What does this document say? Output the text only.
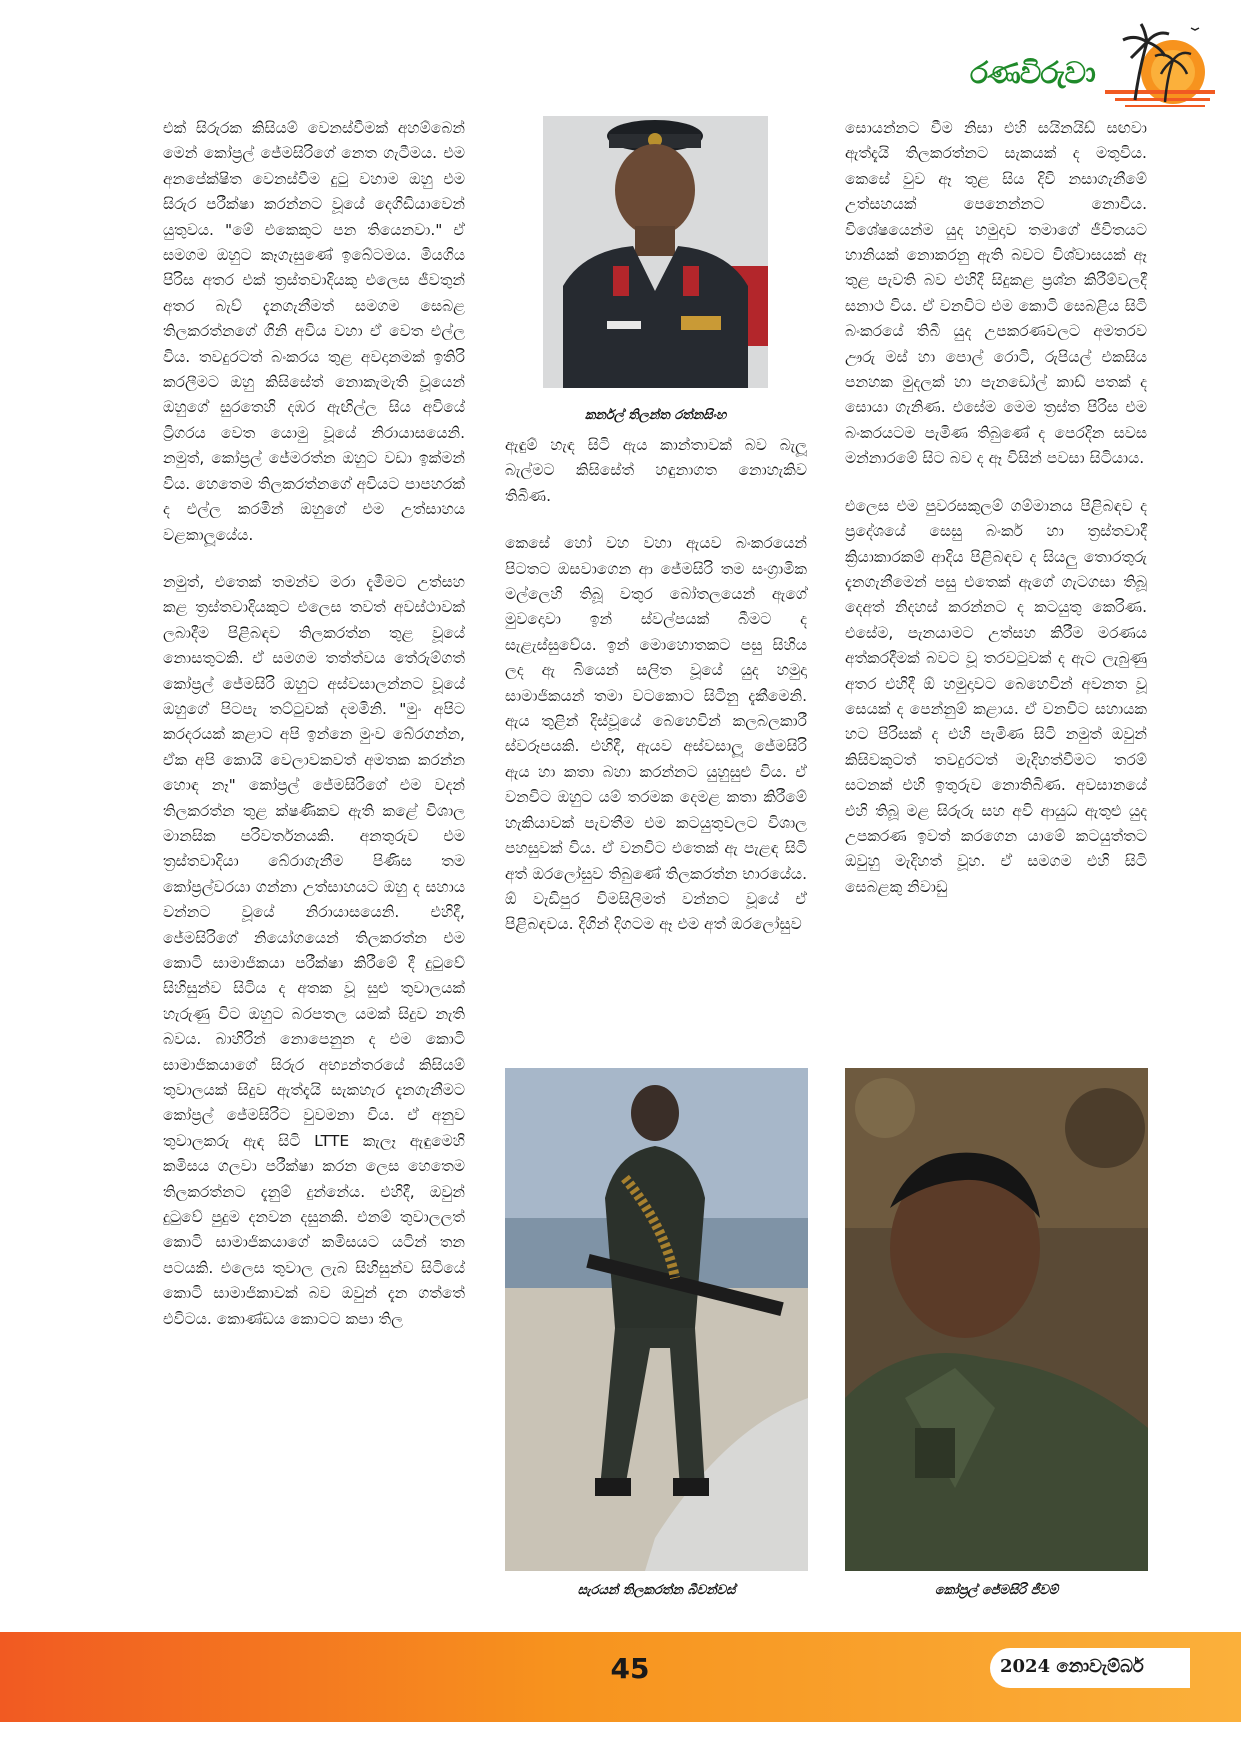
රණවිරුවා

එක් සිරුරක කිසියම් වෙනස්වීමක් අහම්බෙන් මෙන් කෝප්‍රල් ජේමසිරිගේ නෙත ගැටීමය. එම අනපේක්ෂිත වෙනස්වීම දුටු වහාම ඔහු එම සිරුර පරීක්ෂා කරන්නට වූයේ දෙගිඩියාවෙන් යුතුවය. "මේ එකෙකුට පන තියෙනවා." ඒ සමගම ඔහුට කෑගැසුණේ ඉබේටමය. මියගිය පිරිස අතර එක් ත්‍රස්තවාදියකු එලෙස ජීවතුන් අතර බැව් දැනගැනීමත් සමගම සෙබළ තිලකරත්නගේ ගිනි අවිය වහා ඒ වෙත එල්ල විය. තවදුරටත් බංකරය තුළ අවදානමක් ඉතිරි කරලීමට ඔහු කිසිසේත් නොකැමැති වූයෙන් ඔහුගේ සුරතෙහි දඹර ඇඟිල්ල සිය අවියේ ට්‍රිගරය වෙත යොමු වූයේ නිරායාසයෙනි. නමුත්, කෝප්‍රල් ජේමරත්න ඔහුට වඩා ඉක්මන් විය. හෙතෙම තිලකරත්නගේ අවියට පාපහරක් ද එල්ල කරමින් ඔහුගේ එම උත්සාහය වළකාලූයේය.

නමුත්, එතෙක් තමන්ව මරා දැමීමට උත්සහ කළ ත්‍රස්තවාදියකුට එලෙස තවත් අවස්ථාවක් ලබාදීම පිළිබඳව තිලකරත්න තුළ වූයේ නොසතුටකි. ඒ සමගම තත්ත්වය තේරුම්ගත් කෝප්‍රල් ජේමසිරි ඔහුට අස්වසාලන්නට වූයේ ඔහුගේ පිටපැ තට්ටුවක් දමමිනි. "මුං අපිට කරදරයක් කළාට අපි ඉන්නෙ මුංව බේරගන්න, ඒක අපි කොයි වෙලාවකවත් අමතක කරන්න හොඳ නෑ" කෝප්‍රල් ජේමසිරිගේ එම වදන් තිලකරත්න තුළ ක්ෂණිකව ඇති කළේ විශාල මානසික පරිවර්තනයකි. අනතුරුව එම ත්‍රස්තවාදියා බේරාගැනීම පිණිස තම කෝප්‍රල්වරයා ගන්නා උත්සාහයට ඔහු ද සහාය වන්නට වූයේ නිරායාසයෙනි. එහිදී, ජේමසිරිගේ නියෝගයෙන් තිලකරත්න එම කොටි සාමාජිකයා පරීක්ෂා කිරීමේ දී දුටුවේ සිහිසුන්ව සිටිය ද අතක වූ සුළු තුවාලයක් හැරුණු විට ඔහුට බරපතල යමක් සිදුව නැති බවය. බාහිරින් නොපෙනුන ද එම කොටි සාමාජිකයාගේ සිරුර අභ්‍යන්තරයේ කිසියම් තුවාලයක් සිදුව ඇත්දැයි සැකහැර දැනගැනීමට කෝප්‍රල් ජේමසිරිට වුවමනා විය. ඒ අනුව තුවාලකරු ඇඳ සිටි LTTE කැලෑ ඇඳුමෙහි කමිසය ගලවා පරීක්ෂා කරන ලෙස හෙතෙම තිලකරත්නට දැනුම් දුන්නේය. එහිදී, ඔවුන් දුටුවේ පුදුම දනවන දසුනකි. එනම් තුවාලලත් කොටි සාමාජිකයාගේ කමිසයට යටින් තන පටයකි. එලෙස තුවාල ලැබ සිහිසුන්ව සිටියේ කොටි සාමාජිකාවක් බව ඔවුන් දැන ගත්තේ එවිටය. කොණ්ඩය කොටට කපා තිල

කර්නල් තිලන්ත රත්නසිංහ

ඇඳුම් හැඳ සිටි ඇය කාන්තාවක් බව බැලූ බැල්මට කිසිසේත් හඳුනාගත නොහැකිව තිබිණ.

කෙසේ හෝ වහ වහා ඇයව බංකරයෙන් පිටතට ඔසවාගෙන ආ ජේමසිරි තම සංග්‍රාමික මල්ලෙහි තිබූ වතුර බෝතලයෙන් ඇගේ මුවදොවා ඉන් ස්වල්පයක් බීමට ද සැළැස්සුවේය. ඉන් මොහොතකට පසු සිහිය ලද ඇ බියෙන් සලිත වූයේ යුද හමුදා සාමාජිකයන් තමා වටකොට සිටිනු දැකීමෙනි. ඇය තුළින් දිස්වූයේ බෙහෙවින් කලබලකාරී ස්වරූපයකි. එහිදී, ඇයව අස්වසාලූ ජේමසිරි ඇය හා කතා බහා කරන්නට යුහුසුළු විය. ඒ වනවිට ඔහුට යම් තරමක දෙමළ කතා කිරීමේ හැකියාවක් පැවතීම එම කටයුතුවලට විශාල පහසුවක් විය. ඒ වනවිට එතෙක් ඇ පැළඳ සිටි අත් ඔරලෝසුව තිබුණේ තිලකරත්න භාරයේය. ඕ වැඩිපුර විමසිලිමත් වන්නට වූයේ ඒ පිළිබඳවය. දිගින් දිගටම ඈ එම අත් ඔරලෝසුව

සොයන්නට වීම නිසා එහි සයිනයිඩ් සඟවා ඇත්දැයි තිලකරත්නට සැකයක් ද මතුවිය. කෙසේ වුව ඈ තුළ සිය දිවි නසාගැනීමේ උත්සහයක් පෙනෙන්නට නොවීය. විශේෂයෙන්ම යුද හමුදාව තමාගේ ජීවිතයට හානියක් නොකරනු ඇති බවට විශ්වාසයක් ඈ තුළ පැවති බව එහිදී සිදුකළ ප්‍රශ්න කිරීම්වලදී සනාථ විය. ඒ වනවිට එම කොටි සෙබළිය සිටි බංකරයේ තිබී යුද උපකරණවලට අමතරව ඌරු මස් හා පොල් රොටි, රුපියල් එකසිය පනහක මුදලක් හා පැනඩෝල් කාඩ් පතක් ද සොයා ගැනිණ. එසේම මෙම ත්‍රස්ත පිරිස එම බංකරයටම පැමිණ තිබුණේ ද පෙරදින සවස මන්නාරමේ සිට බව ද ඈ විසින් පවසා සිටියාය.

එලෙස එම පුවරසකුලම් ගම්මානය පිළිබඳව ද ප්‍රදේශයේ සෙසු බංකර් හා ත්‍රස්තවාදී ක්‍රියාකාරකම් ආදිය පිළිබඳව ද සියලු තොරතුරු දැනගැනීමෙන් පසු එතෙක් ඇගේ ගැටගසා තිබූ දෙඅත් නිදහස් කරන්නට ද කටයුතු කෙරිණ. එසේම, පැනයාමට උත්සහ කිරීම මරණය අත්කරදීමක් බවට වූ තරවටුවක් ද ඇට ලැබුණු අතර එහිදී ඕ හමුදාවට බෙහෙවින් අවනත වූ සෙයක් ද පෙන්නුම් කළාය. ඒ වනවිට සහායක හට පිරිසක් ද එහි පැමිණ සිටි නමුත් ඔවුන් කිසිවකුටත් තවදුරටත් මැදිහත්වීමට තරම් සටනක් එහි ඉතුරුව නොතිබිණ. අවසානයේ එහි තිබූ මළ සිරුරු සහ අවි ආයුධ ඇතුළු යුද උපකරණ ඉවත් කරගෙන යාමේ කටයුත්තට ඔවුහු මැදිහත් වූහ. ඒ සමගම එහි සිටි සෙබළකු නිවාඩු

සැරයන් තිලකරත්න බීවන්වස්	කෝප්‍රල් ජේමසිරි ජීවම්
45	2024 නොවැම්බර්
